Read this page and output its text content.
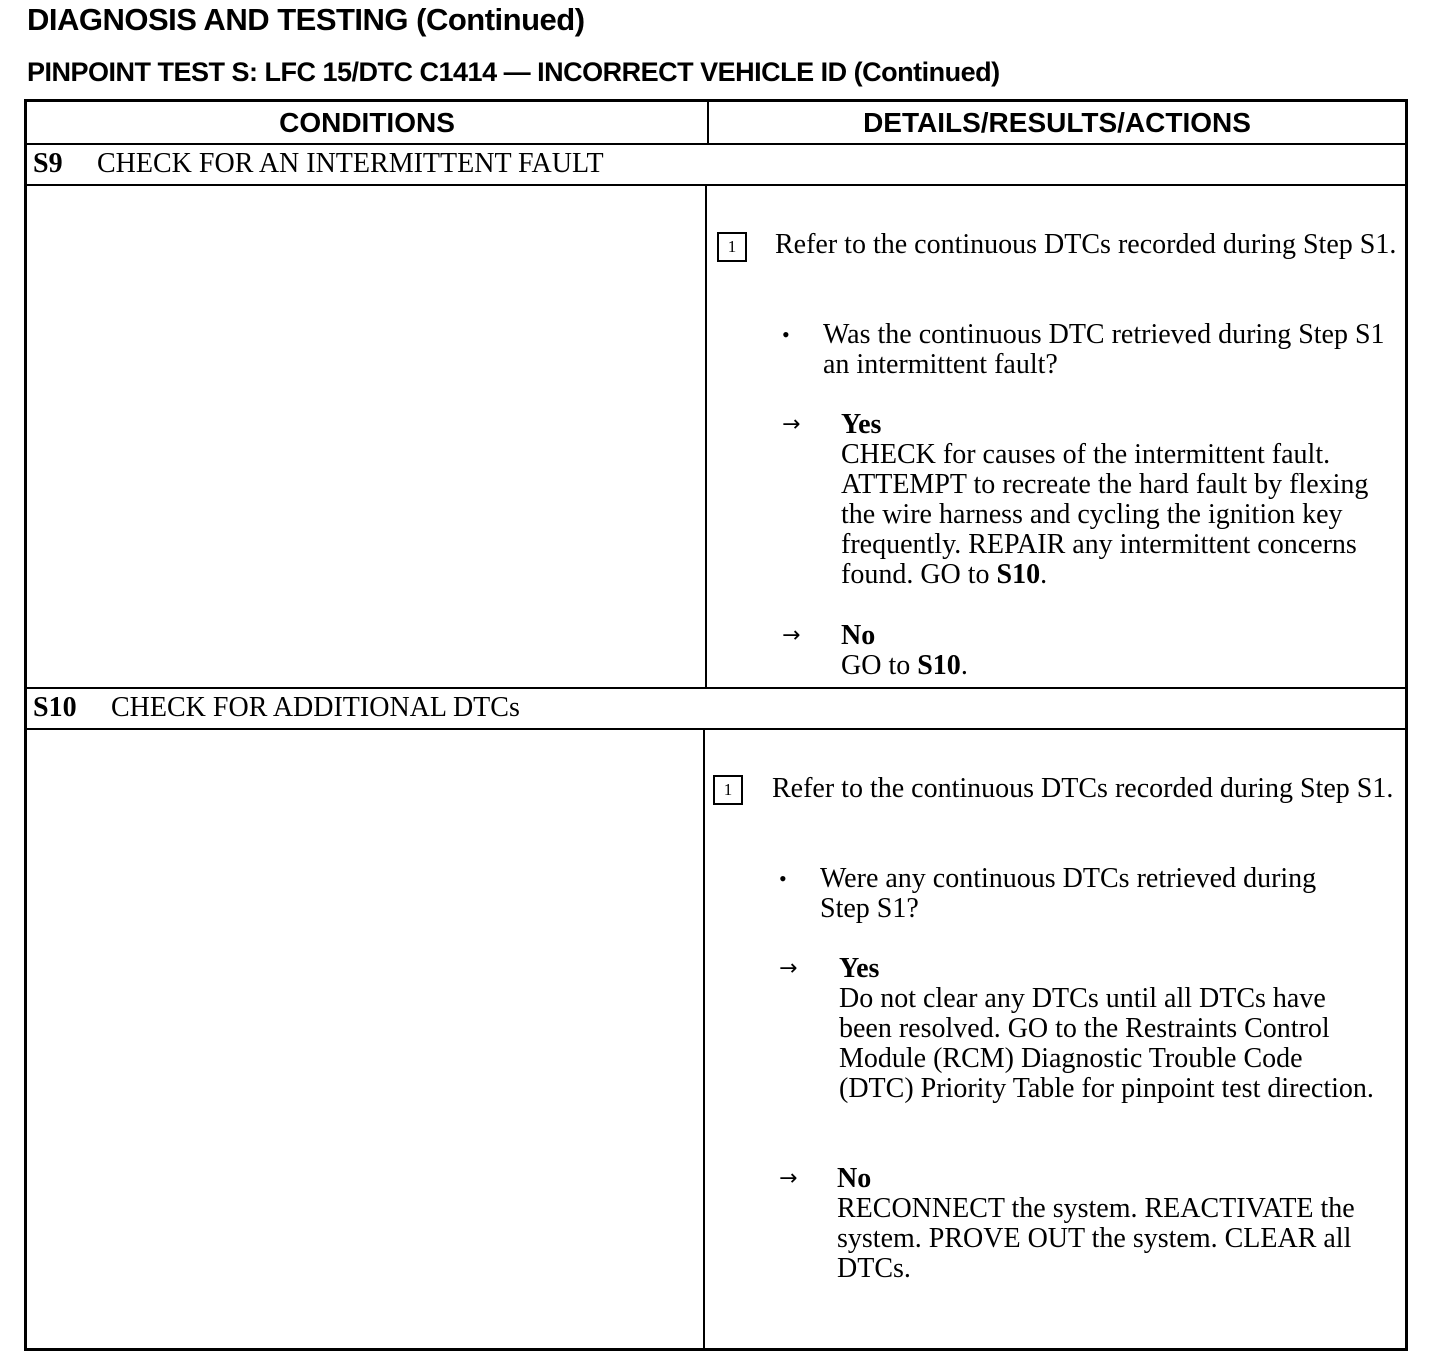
DIAGNOSIS AND TESTING (Continued)
PINPOINT TEST S: LFC 15/DTC C1414 — INCORRECT VEHICLE ID (Continued)
CONDITIONS	DETAILS/RESULTS/ACTIONS
S9 CHECK FOR AN INTERMITTENT FAULT
1	Refer to the continuous DTCs recorded during Step S1.
• Was the continuous DTC retrieved during Step S1 an intermittent fault?
→ Yes
CHECK for causes of the intermittent fault. ATTEMPT to recreate the hard fault by flexing the wire harness and cycling the ignition key frequently. REPAIR any intermittent concerns found. GO to S10.
→ No
GO to S10.
S10 CHECK FOR ADDITIONAL DTCs
1	Refer to the continuous DTCs recorded during Step S1.
• Were any continuous DTCs retrieved during Step S1?
→ Yes
Do not clear any DTCs until all DTCs have been resolved. GO to the Restraints Control Module (RCM) Diagnostic Trouble Code (DTC) Priority Table for pinpoint test direction.
→ No
RECONNECT the system. REACTIVATE the system. PROVE OUT the system. CLEAR all DTCs.
